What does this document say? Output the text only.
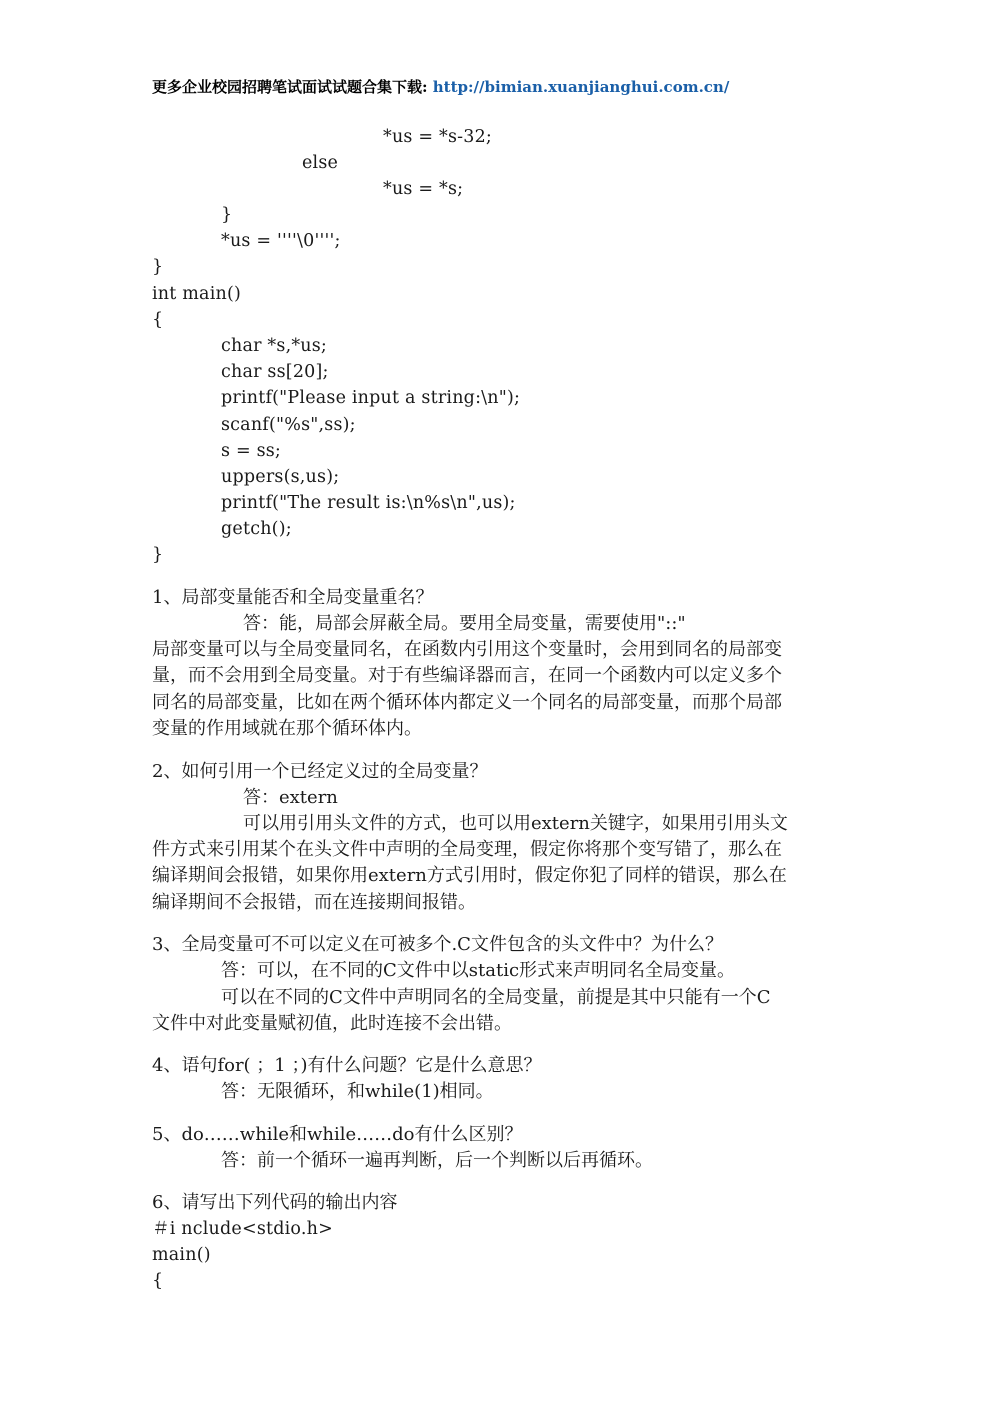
更多企业校园招聘笔试面试试题合集下载: http://bimian.xuanjianghui.com.cn/
*us = *s-32;
else
*us = *s;
}
*us = ''''\0'''';
}
int main()
{
char *s,*us;
char ss[20];
printf("Please input a string:\n");
scanf("%s",ss);
s = ss;
uppers(s,us);
printf("The result is:\n%s\n",us);
getch();
}
1、局部变量能否和全局变量重名？
答：能，局部会屏蔽全局。要用全局变量，需要使用"::"
局部变量可以与全局变量同名，在函数内引用这个变量时，会用到同名的局部变
量，而不会用到全局变量。对于有些编译器而言，在同一个函数内可以定义多个
同名的局部变量，比如在两个循环体内都定义一个同名的局部变量，而那个局部
变量的作用域就在那个循环体内。
2、如何引用一个已经定义过的全局变量？
答：extern
可以用引用头文件的方式，也可以用extern关键字，如果用引用头文
件方式来引用某个在头文件中声明的全局变理，假定你将那个变写错了，那么在
编译期间会报错，如果你用extern方式引用时，假定你犯了同样的错误，那么在
编译期间不会报错，而在连接期间报错。
3、全局变量可不可以定义在可被多个.C文件包含的头文件中？为什么？
答：可以，在不同的C文件中以static形式来声明同名全局变量。
可以在不同的C文件中声明同名的全局变量，前提是其中只能有一个C
文件中对此变量赋初值，此时连接不会出错。
4、语句for( ；1 ；)有什么问题？它是什么意思？
答：无限循环，和while(1)相同。
5、do……while和while……do有什么区别？
答：前一个循环一遍再判断，后一个判断以后再循环。
6、请写出下列代码的输出内容
＃i nclude<stdio.h>
main()
{
